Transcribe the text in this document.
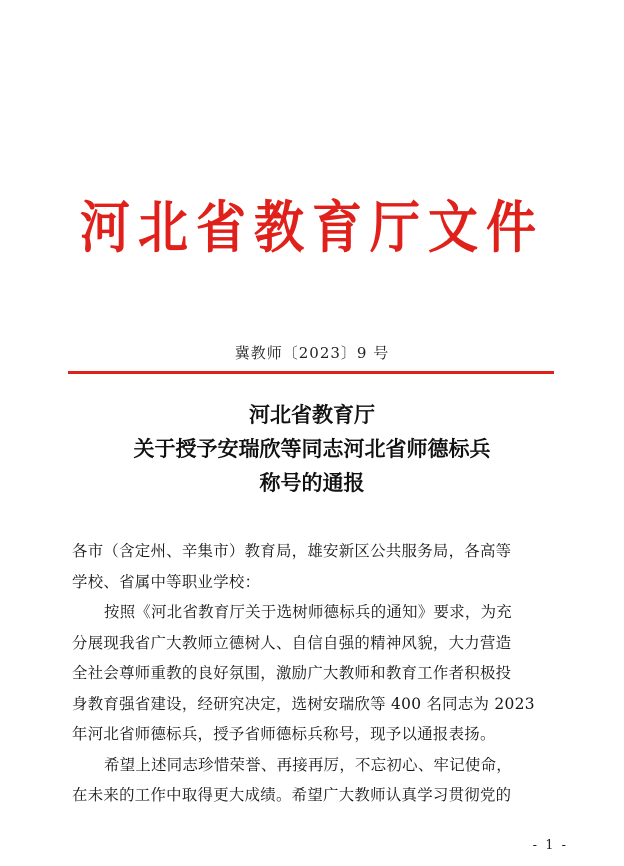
河北省教育厅文件
冀教师〔2023〕9 号
河北省教育厅
关于授予安瑞欣等同志河北省师德标兵
称号的通报
各市（含定州、辛集市）教育局，雄安新区公共服务局，各高等
学校、省属中等职业学校：
按照《河北省教育厅关于选树师德标兵的通知》要求，为充
分展现我省广大教师立德树人、自信自强的精神风貌，大力营造
全社会尊师重教的良好氛围，激励广大教师和教育工作者积极投
身教育强省建设，经研究决定，选树安瑞欣等 400 名同志为 2023
年河北省师德标兵，授予省师德标兵称号，现予以通报表扬。
希望上述同志珍惜荣誉、再接再厉，不忘初心、牢记使命，
在未来的工作中取得更大成绩。希望广大教师认真学习贯彻党的
- 1 -
